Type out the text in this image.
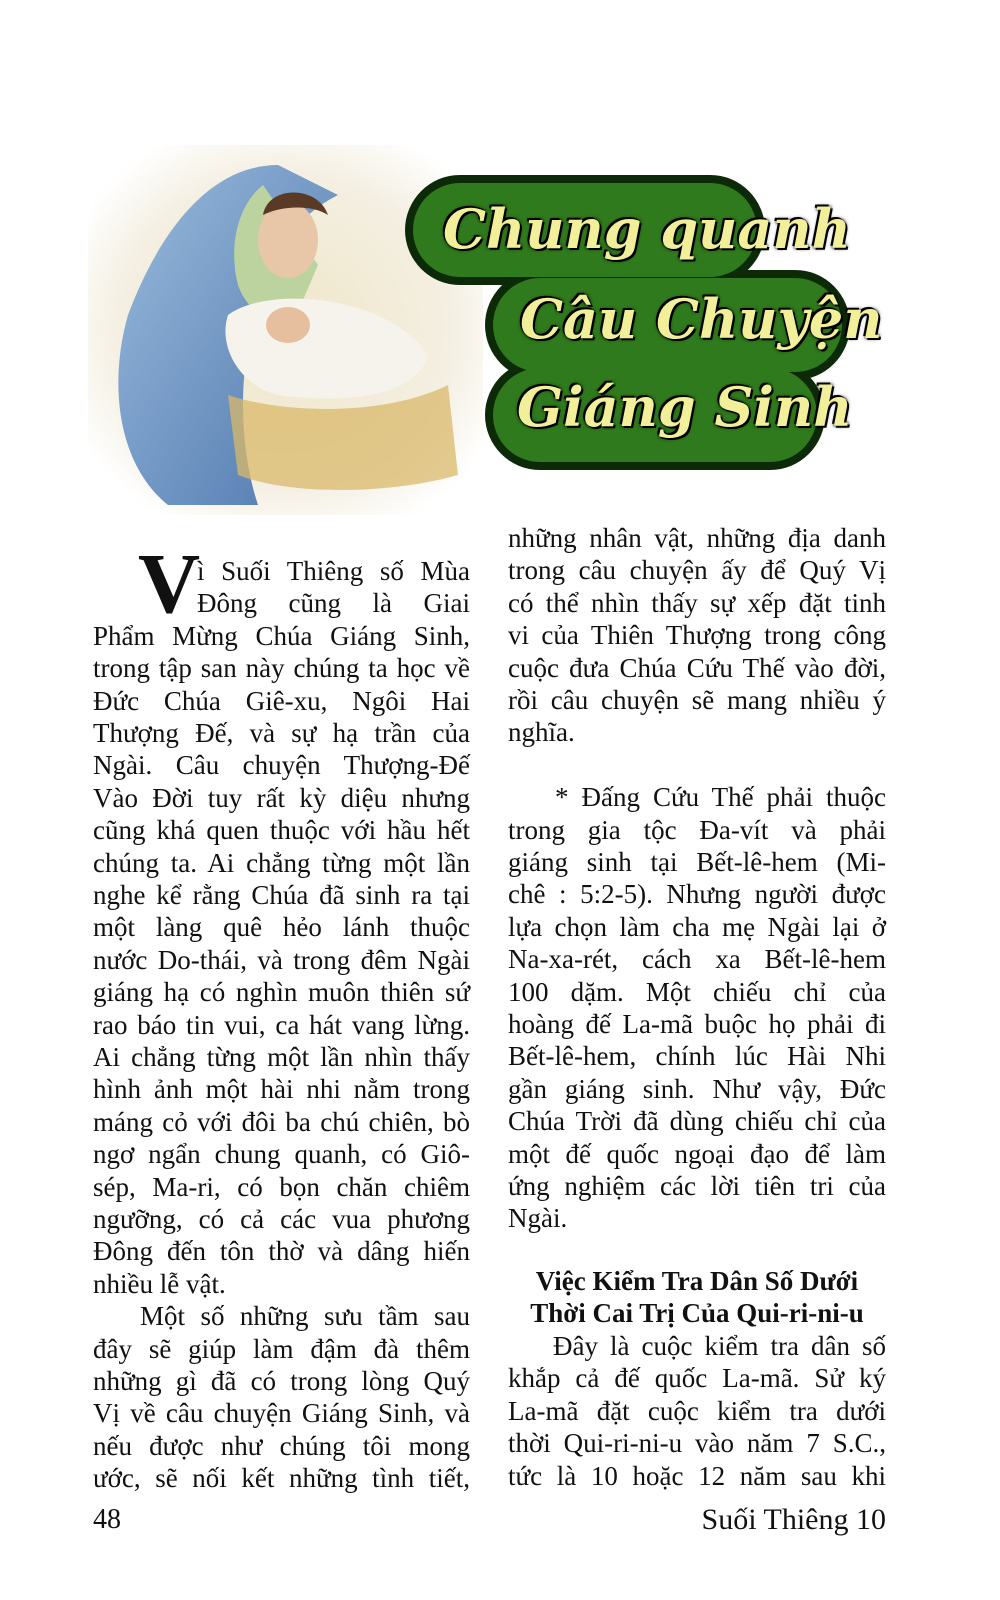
Chung quanh
Câu Chuyện
Giáng Sinh
V
48	Suối Thiêng 10
ì Suối Thiêng số Mùa
Đông cũng là Giai
Phẩm Mừng Chúa Giáng Sinh,
trong tập san này chúng ta học về
Đức Chúa Giê-xu, Ngôi Hai
Thượng Đế, và sự hạ trần của
Ngài. Câu chuyện Thượng-Đế
Vào Đời tuy rất kỳ diệu nhưng
cũng khá quen thuộc với hầu hết
chúng ta. Ai chẳng từng một lần
nghe kể rằng Chúa đã sinh ra tại
một làng quê hẻo lánh thuộc
nước Do-thái, và trong đêm Ngài
giáng hạ có nghìn muôn thiên sứ
rao báo tin vui, ca hát vang lừng.
Ai chẳng từng một lần nhìn thấy
hình ảnh một hài nhi nằm trong
máng cỏ với đôi ba chú chiên, bò
ngơ ngẩn chung quanh, có Giô-
sép, Ma-ri, có bọn chăn chiêm
ngưỡng, có cả các vua phương
Đông đến tôn thờ và dâng hiến
nhiều lễ vật.
Một số những sưu tầm sau
đây sẽ giúp làm đậm đà thêm
những gì đã có trong lòng Quý
Vị về câu chuyện Giáng Sinh, và
nếu được như chúng tôi mong
ước, sẽ nối kết những tình tiết,
những nhân vật, những địa danh
trong câu chuyện ấy để Quý Vị
có thể nhìn thấy sự xếp đặt tinh
vi của Thiên Thượng trong công
cuộc đưa Chúa Cứu Thế vào đời,
rồi câu chuyện sẽ mang nhiều ý
nghĩa.
* Đấng Cứu Thế phải thuộc
trong gia tộc Đa-vít và phải
giáng sinh tại Bết-lê-hem (Mi-
chê : 5:2-5). Nhưng người được
lựa chọn làm cha mẹ Ngài lại ở
Na-xa-rét, cách xa Bết-lê-hem
100 dặm. Một chiếu chỉ của
hoàng đế La-mã buộc họ phải đi
Bết-lê-hem, chính lúc Hài Nhi
gần giáng sinh. Như vậy, Đức
Chúa Trời đã dùng chiếu chỉ của
một đế quốc ngoại đạo để làm
ứng nghiệm các lời tiên tri của
Ngài.
Việc Kiểm Tra Dân Số Dưới
Thời Cai Trị Của Qui-ri-ni-u
Đây là cuộc kiểm tra dân số
khắp cả đế quốc La-mã. Sử ký
La-mã đặt cuộc kiểm tra dưới
thời Qui-ri-ni-u vào năm 7 S.C.,
tức là 10 hoặc 12 năm sau khi
